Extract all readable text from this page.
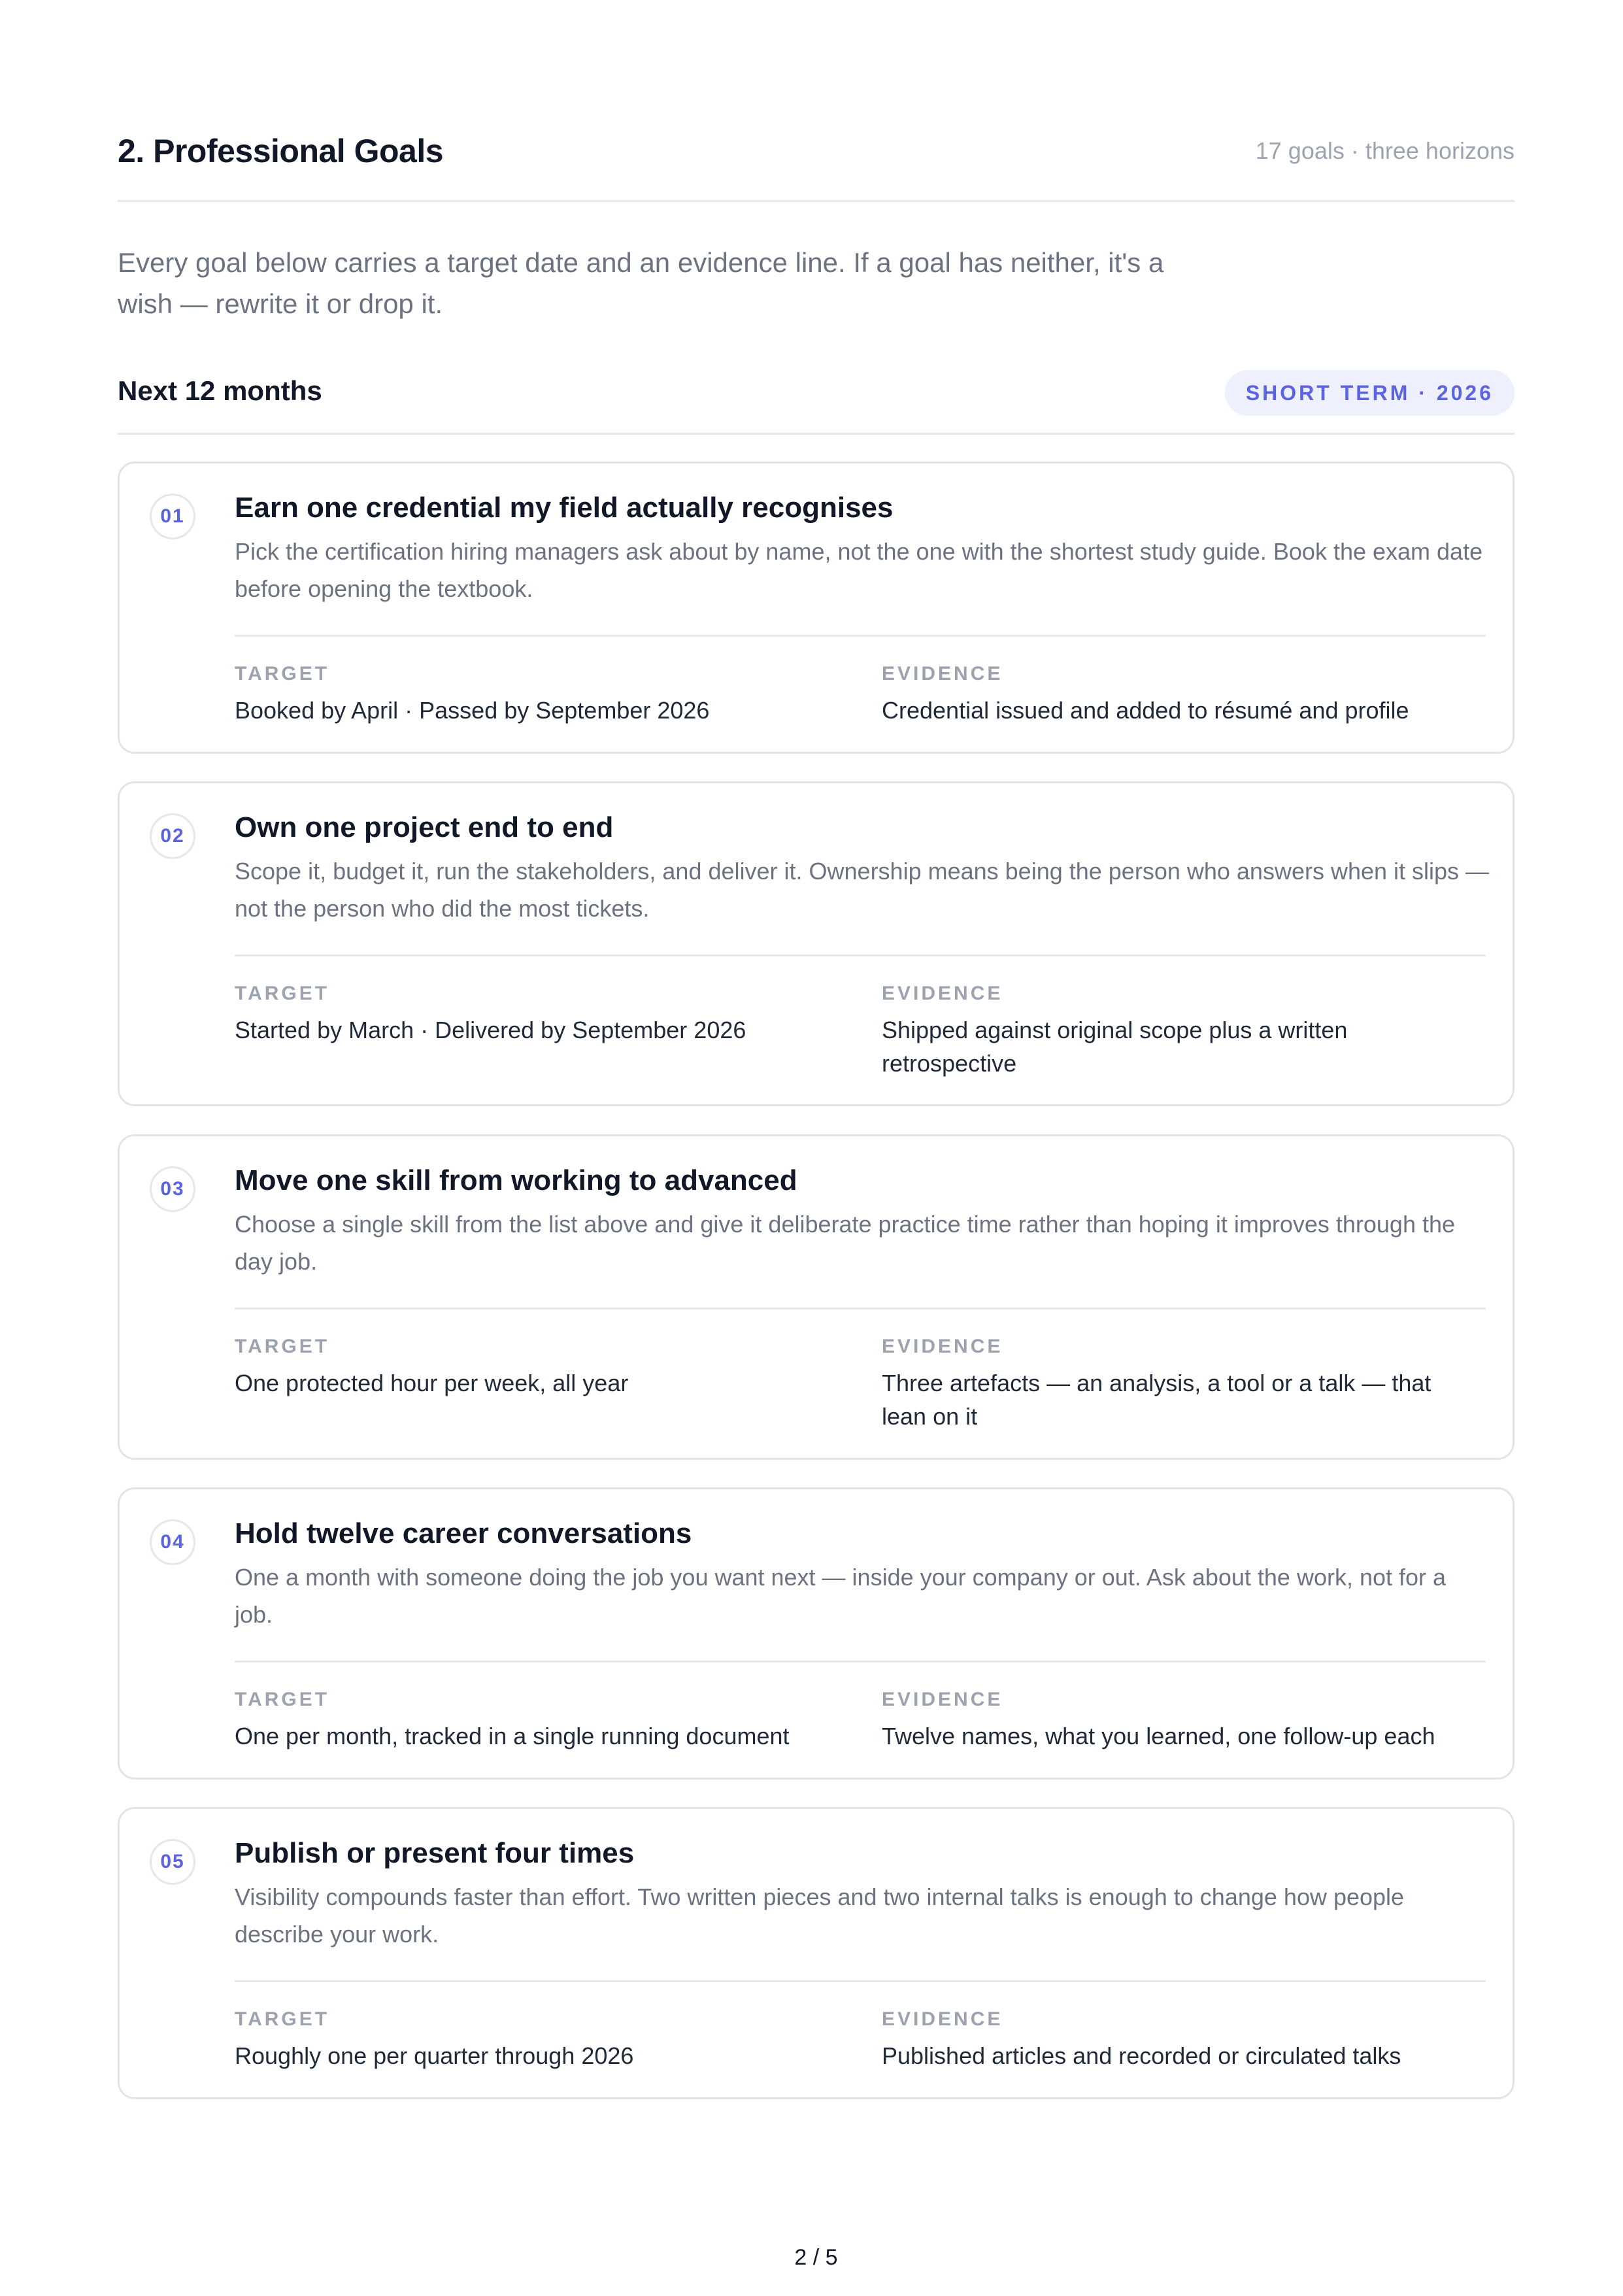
2. Professional Goals	17 goals · three horizons
Every goal below carries a target date and an evidence line. If a goal has neither, it's a wish — rewrite it or drop it.
Next 12 months	SHORT TERM · 2026
01	Earn one credential my field actually recognises
Pick the certification hiring managers ask about by name, not the one with the shortest study guide. Book the exam date before opening the textbook.
TARGET
Booked by April · Passed by September 2026
EVIDENCE
Credential issued and added to résumé and profile
02	Own one project end to end
Scope it, budget it, run the stakeholders, and deliver it. Ownership means being the person who answers when it slips — not the person who did the most tickets.
TARGET
Started by March · Delivered by September 2026
EVIDENCE
Shipped against original scope plus a written retrospective
03	Move one skill from working to advanced
Choose a single skill from the list above and give it deliberate practice time rather than hoping it improves through the day job.
TARGET
One protected hour per week, all year
EVIDENCE
Three artefacts — an analysis, a tool or a talk — that lean on it
04	Hold twelve career conversations
One a month with someone doing the job you want next — inside your company or out. Ask about the work, not for a job.
TARGET
One per month, tracked in a single running document
EVIDENCE
Twelve names, what you learned, one follow-up each
05	Publish or present four times
Visibility compounds faster than effort. Two written pieces and two internal talks is enough to change how people describe your work.
TARGET
Roughly one per quarter through 2026
EVIDENCE
Published articles and recorded or circulated talks
2 / 5
